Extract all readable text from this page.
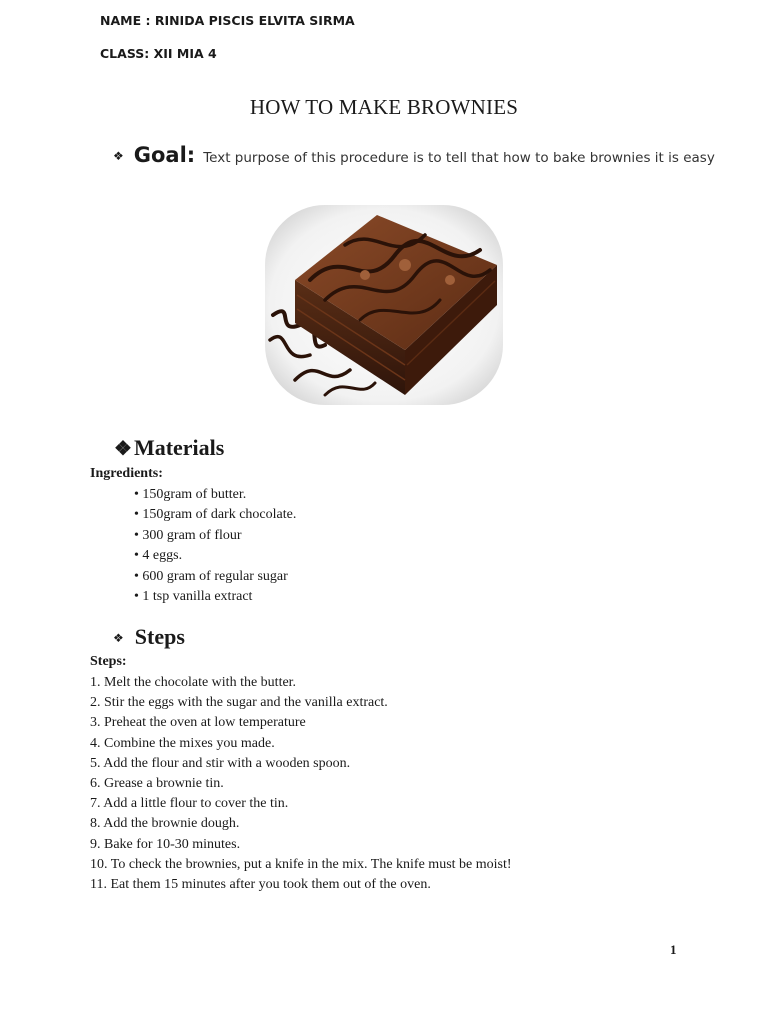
NAME : RINIDA PISCIS ELVITA SIRMA
CLASS: XII MIA 4
HOW TO MAKE BROWNIES
❖ Goal: Text purpose of this procedure is to tell that how to bake brownies it is easy
❖ Materials
Ingredients:
• 150gram of butter.
• 150gram of dark chocolate.
• 300 gram of flour
• 4 eggs.
• 600 gram of regular sugar
• 1 tsp vanilla extract
❖ Steps
Steps:
1. Melt the chocolate with the butter.
2. Stir the eggs with the sugar and the vanilla extract.
3. Preheat the oven at low temperature
4. Combine the mixes you made.
5. Add the flour and stir with a wooden spoon.
6. Grease a brownie tin.
7. Add a little flour to cover the tin.
8. Add the brownie dough.
9. Bake for 10-30 minutes.
10. To check the brownies, put a knife in the mix. The knife must be moist!
11. Eat them 15 minutes after you took them out of the oven.
1
